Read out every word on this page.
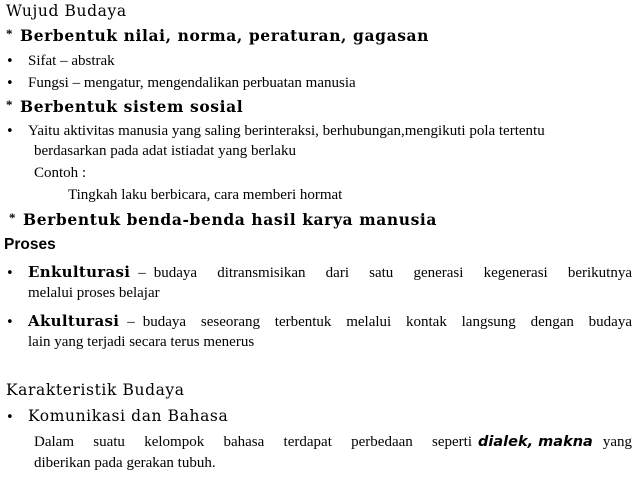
Wujud Budaya
* Berbentuk nilai, norma, peraturan, gagasan
• Sifat – abstrak
• Fungsi – mengatur, mengendalikan perbuatan manusia
* Berbentuk sistem sosial
• Yaitu aktivitas manusia yang saling berinteraksi, berhubungan,mengikuti pola tertentu
berdasarkan pada adat istiadat yang berlaku
Contoh :
Tingkah laku berbicara, cara memberi hormat
* Berbentuk benda-benda hasil karya manusia
Proses
• Enkulturasi – budaya ditransmisikan dari satu generasi kegenerasi berikutnya
melalui proses belajar
• Akulturasi – budaya seseorang terbentuk melalui kontak langsung dengan budaya
lain yang terjadi secara terus menerus
Karakteristik Budaya
• Komunikasi dan Bahasa
Dalam suatu kelompok bahasa terdapat perbedaan seperti dialek, makna yang
diberikan pada gerakan tubuh.
